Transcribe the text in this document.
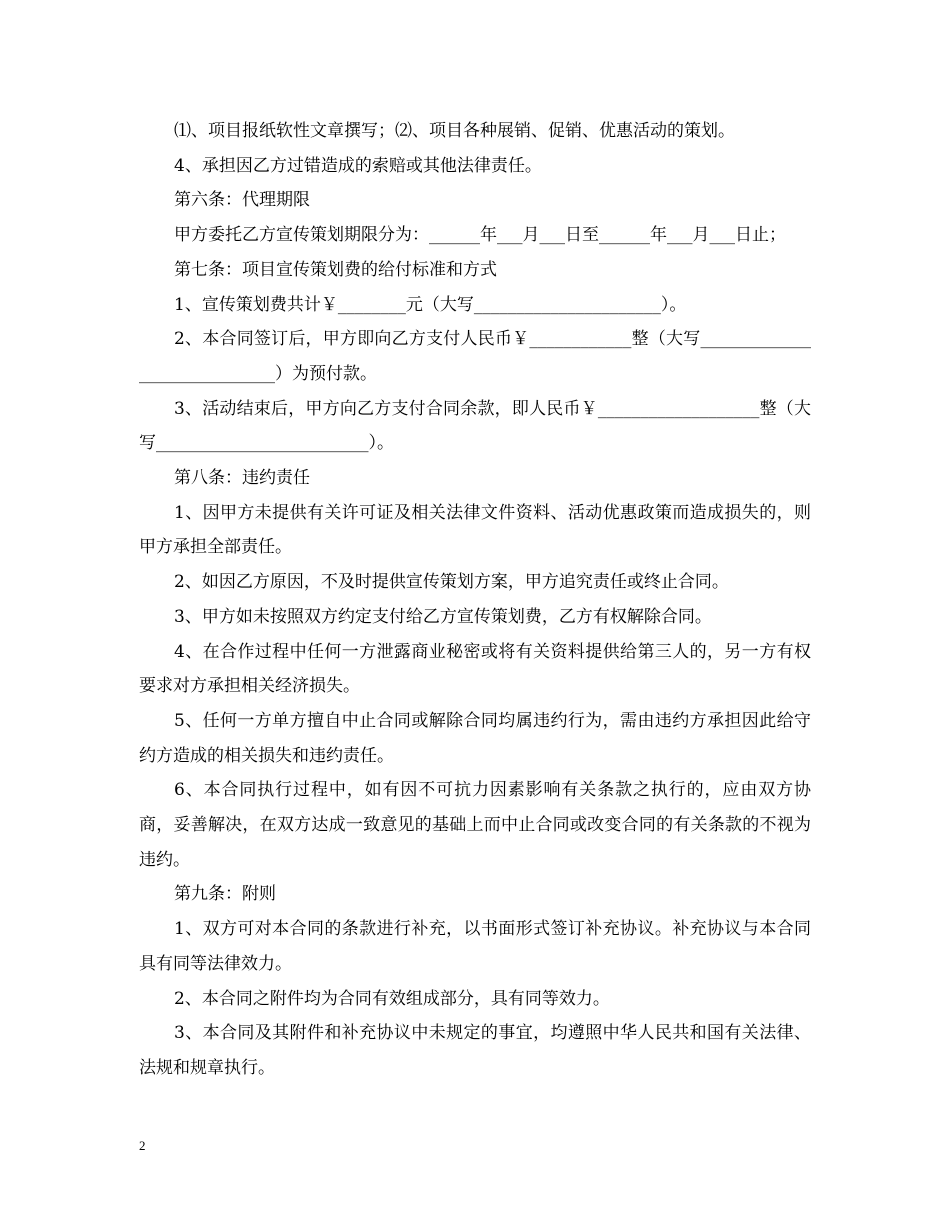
⑴、项目报纸软性文章撰写；⑵、项目各种展销、促销、优惠活动的策划。

4、承担因乙方过错造成的索赔或其他法律责任。

第六条：代理期限

甲方委托乙方宣传策划期限分为：______年___月___日至______年___月___日止；

第七条：项目宣传策划费的给付标准和方式

1、宣传策划费共计￥________元（大写______________________）。

2、本合同签订后，甲方即向乙方支付人民币￥____________整（大写_____________________________）为预付款。

3、活动结束后，甲方向乙方支付合同余款，即人民币￥___________________整（大写_________________________）。

第八条：违约责任

1、因甲方未提供有关许可证及相关法律文件资料、活动优惠政策而造成损失的，则甲方承担全部责任。

2、如因乙方原因，不及时提供宣传策划方案，甲方追究责任或终止合同。

3、甲方如未按照双方约定支付给乙方宣传策划费，乙方有权解除合同。

4、在合作过程中任何一方泄露商业秘密或将有关资料提供给第三人的，另一方有权要求对方承担相关经济损失。

5、任何一方单方擅自中止合同或解除合同均属违约行为，需由违约方承担因此给守约方造成的相关损失和违约责任。

6、本合同执行过程中，如有因不可抗力因素影响有关条款之执行的，应由双方协商，妥善解决，在双方达成一致意见的基础上而中止合同或改变合同的有关条款的不视为违约。

第九条：附则

1、双方可对本合同的条款进行补充，以书面形式签订补充协议。补充协议与本合同具有同等法律效力。

2、本合同之附件均为合同有效组成部分，具有同等效力。

3、本合同及其附件和补充协议中未规定的事宜，均遵照中华人民共和国有关法律、法规和规章执行。

2
